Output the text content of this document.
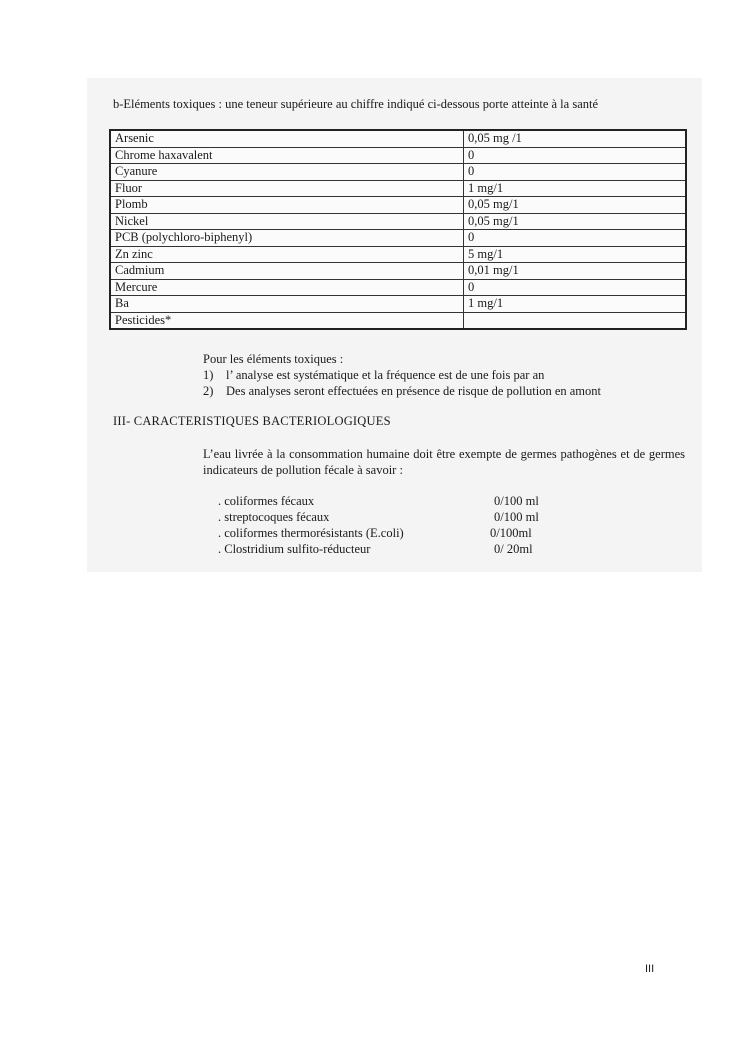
b-Eléments toxiques : une teneur supérieure au chiffre indiqué ci-dessous porte atteinte à la santé
Arsenic	0,05 mg /1
Chrome haxavalent	0
Cyanure	0
Fluor	1 mg/1
Plomb	0,05 mg/1
Nickel	0,05 mg/1
PCB (polychloro-biphenyl)	0
Zn zinc	5 mg/1
Cadmium	0,01 mg/1
Mercure	0
Ba	1 mg/1
Pesticides*	
Pour les éléments toxiques :
1) l’ analyse est systématique et la fréquence est de une fois par an
2) Des analyses seront effectuées en présence de risque de pollution en amont
III- CARACTERISTIQUES BACTERIOLOGIQUES
L’eau livrée à la consommation humaine doit être exempte de germes pathogènes et de germes indicateurs de pollution fécale à savoir :
. coliformes fécaux	0/100 ml
. streptocoques fécaux	0/100 ml
. coliformes thermorésistants (E.coli)	0/100ml
. Clostridium sulfito-réducteur	0/ 20ml
III
